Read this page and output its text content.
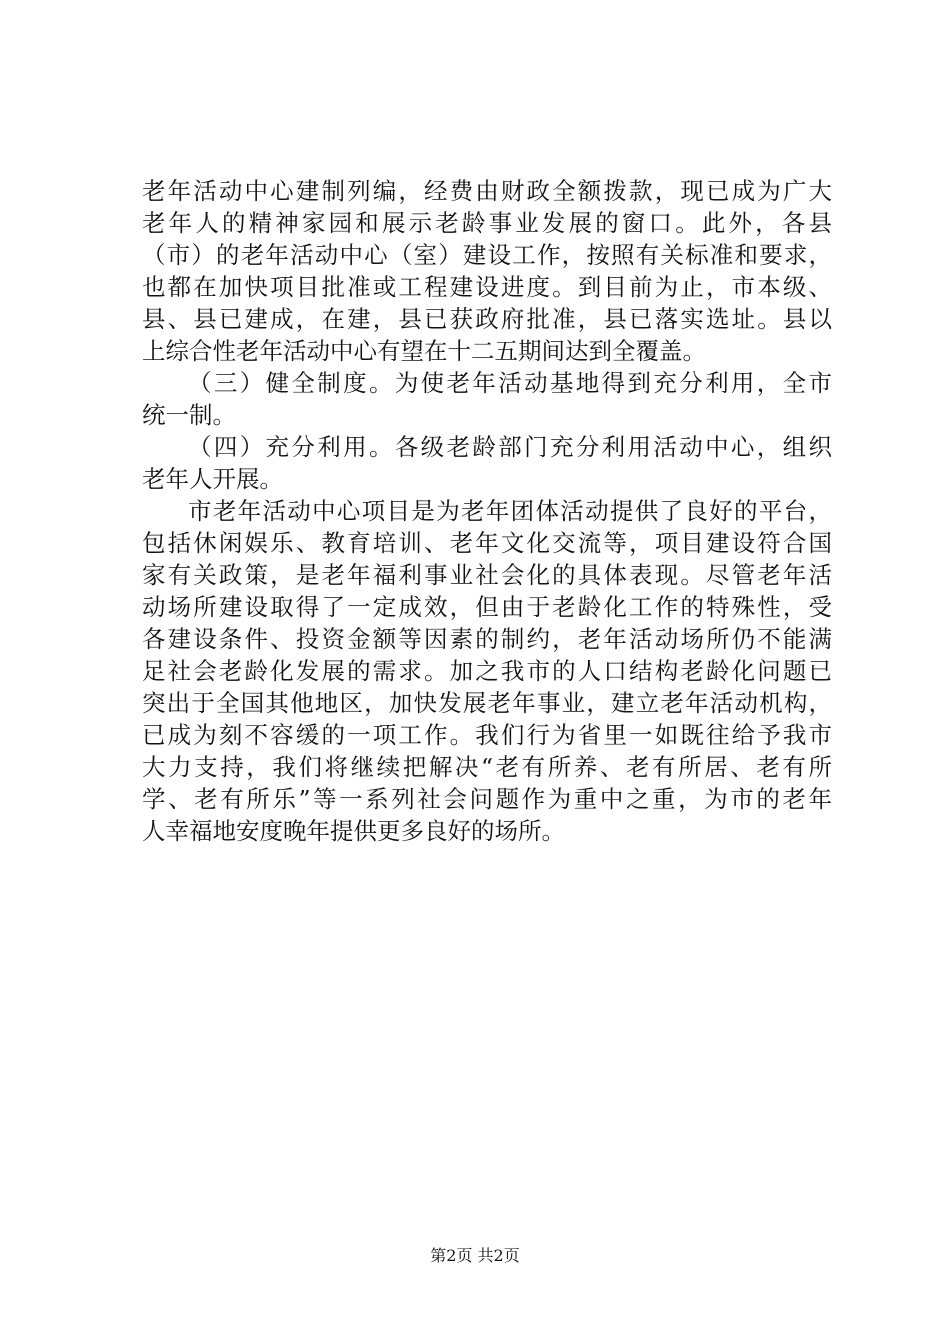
老年活动中心建制列编，经费由财政全额拨款，现已成为广大
老年人的精神家园和展示老龄事业发展的窗口。此外，各县
（市）的老年活动中心（室）建设工作，按照有关标准和要求，
也都在加快项目批准或工程建设进度。到目前为止，市本级、
县、县已建成，在建，县已获政府批准，县已落实选址。县以
上综合性老年活动中心有望在十二五期间达到全覆盖。
（三）健全制度。为使老年活动基地得到充分利用，全市
统一制。
（四）充分利用。各级老龄部门充分利用活动中心，组织
老年人开展。
市老年活动中心项目是为老年团体活动提供了良好的平台，
包括休闲娱乐、教育培训、老年文化交流等，项目建设符合国
家有关政策，是老年福利事业社会化的具体表现。尽管老年活
动场所建设取得了一定成效，但由于老龄化工作的特殊性，受
各建设条件、投资金额等因素的制约，老年活动场所仍不能满
足社会老龄化发展的需求。加之我市的人口结构老龄化问题已
突出于全国其他地区，加快发展老年事业，建立老年活动机构，
已成为刻不容缓的一项工作。我们行为省里一如既往给予我市
大力支持，我们将继续把解决“老有所养、老有所居、老有所
学、老有所乐”等一系列社会问题作为重中之重，为市的老年
人幸福地安度晚年提供更多良好的场所。
第2页 共2页
